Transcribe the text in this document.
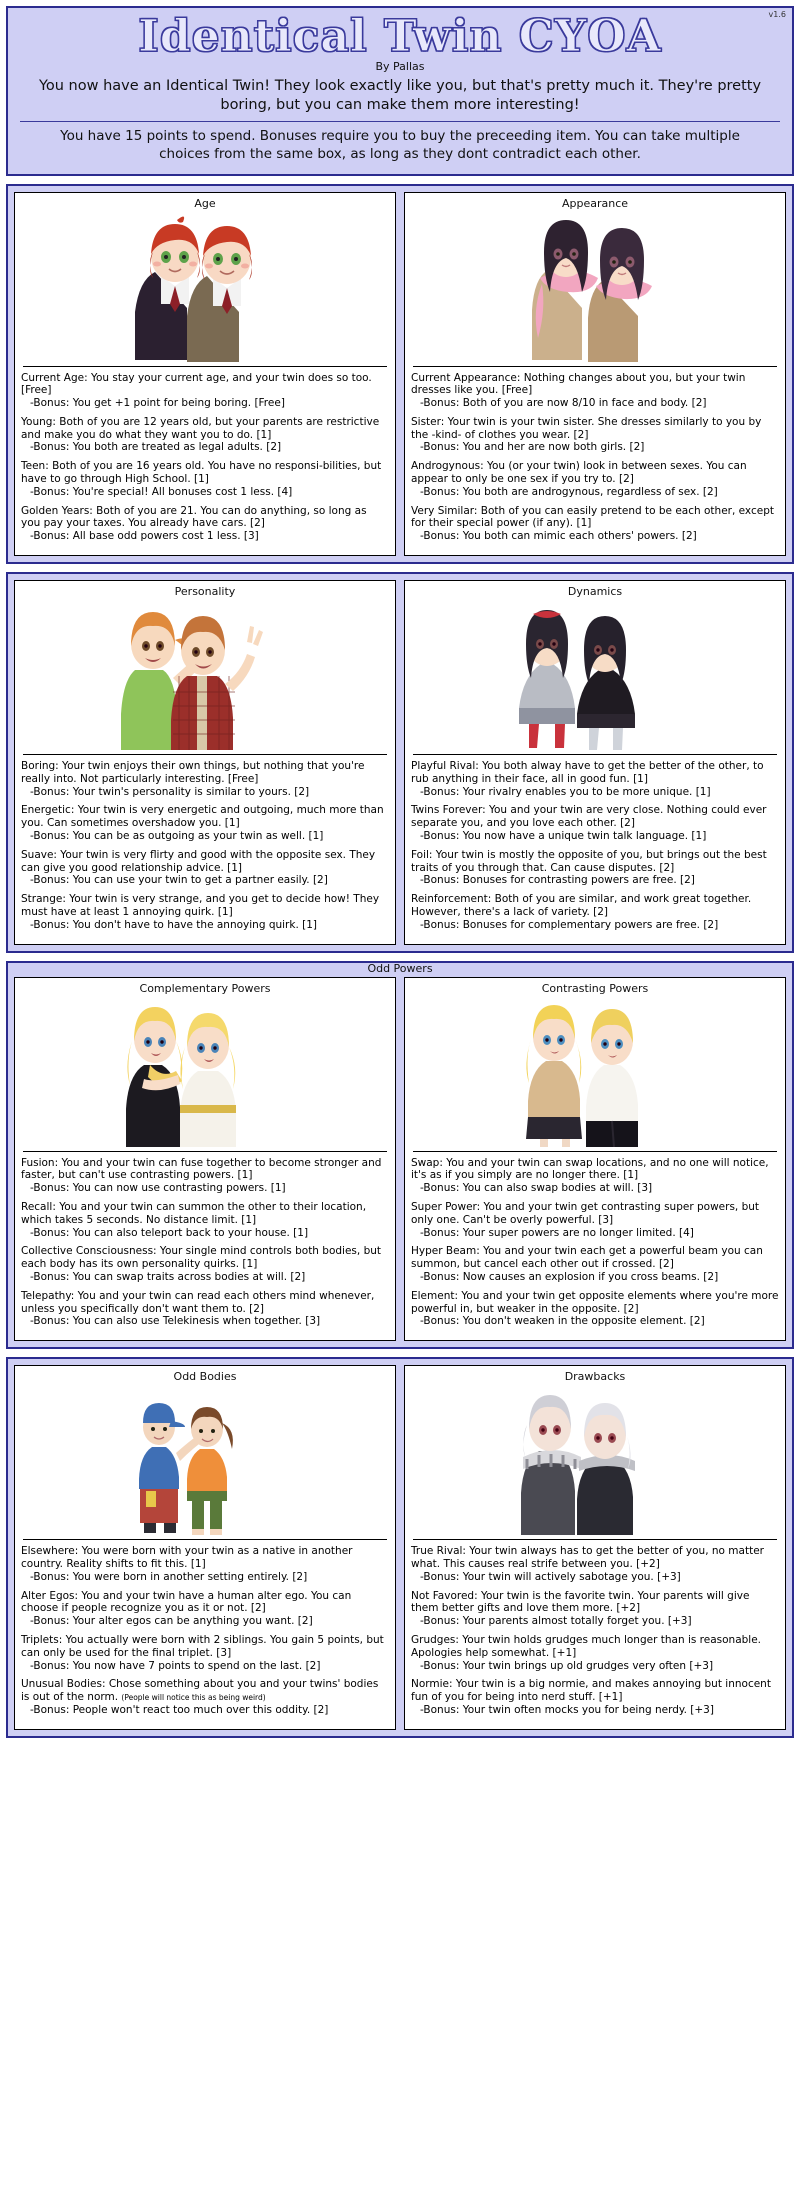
v1.6
Identical Twin CYOA
By Pallas
You now have an Identical Twin! They look exactly like you, but that's pretty much it. They're pretty boring, but you can make them more interesting!
You have 15 points to spend. Bonuses require you to buy the preceeding item. You can take multiple choices from the same box, as long as they dont contradict each other.
Age
Current Age: You stay your current age, and your twin does so too. [Free]
-Bonus: You get +1 point for being boring. [Free]
Young: Both of you are 12 years old, but your parents are restrictive and make you do what they want you to do. [1]
-Bonus: You both are treated as legal adults. [2]
Teen: Both of you are 16 years old. You have no responsi-bilities, but have to go through High School. [1]
-Bonus: You're special! All bonuses cost 1 less. [4]
Golden Years: Both of you are 21. You can do anything, so long as you pay your taxes. You already have cars. [2]
-Bonus: All base odd powers cost 1 less. [3]
Appearance
Current Appearance: Nothing changes about you, but your twin dresses like you. [Free]
-Bonus: Both of you are now 8/10 in face and body. [2]
Sister: Your twin is your twin sister. She dresses similarly to you by the -kind- of clothes you wear. [2]
-Bonus: You and her are now both girls. [2]
Androgynous: You (or your twin) look in between sexes. You can appear to only be one sex if you try to. [2]
-Bonus: You both are androgynous, regardless of sex. [2]
Very Similar: Both of you can easily pretend to be each other, except for their special power (if any). [1]
-Bonus: You both can mimic each others' powers. [2]
Personality
Boring: Your twin enjoys their own things, but nothing that you're really into. Not particularly interesting. [Free]
-Bonus: Your twin's personality is similar to yours. [2]
Energetic: Your twin is very energetic and outgoing, much more than you. Can sometimes overshadow you. [1]
-Bonus: You can be as outgoing as your twin as well. [1]
Suave: Your twin is very flirty and good with the opposite sex. They can give you good relationship advice. [1]
-Bonus: You can use your twin to get a partner easily. [2]
Strange: Your twin is very strange, and you get to decide how! They must have at least 1 annoying quirk. [1]
-Bonus: You don't have to have the annoying quirk. [1]
Dynamics
Playful Rival: You both alway have to get the better of the other, to rub anything in their face, all in good fun. [1]
-Bonus: Your rivalry enables you to be more unique. [1]
Twins Forever: You and your twin are very close. Nothing could ever separate you, and you love each other. [2]
-Bonus: You now have a unique twin talk language. [1]
Foil: Your twin is mostly the opposite of you, but brings out the best traits of you through that. Can cause disputes. [2]
-Bonus: Bonuses for contrasting powers are free. [2]
Reinforcement: Both of you are similar, and work great together. However, there's a lack of variety. [2]
-Bonus: Bonuses for complementary powers are free. [2]
Odd Powers
Complementary Powers
Fusion: You and your twin can fuse together to become stronger and faster, but can't use contrasting powers. [1]
-Bonus: You can now use contrasting powers. [1]
Recall: You and your twin can summon the other to their location, which takes 5 seconds. No distance limit. [1]
-Bonus: You can also teleport back to your house. [1]
Collective Consciousness: Your single mind controls both bodies, but each body has its own personality quirks. [1]
-Bonus: You can swap traits across bodies at will. [2]
Telepathy: You and your twin can read each others mind whenever, unless you specifically don't want them to. [2]
-Bonus: You can also use Telekinesis when together. [3]
Contrasting Powers
Swap: You and your twin can swap locations, and no one will notice, it's as if you simply are no longer there. [1]
-Bonus: You can also swap bodies at will. [3]
Super Power: You and your twin get contrasting super powers, but only one. Can't be overly powerful. [3]
-Bonus: Your super powers are no longer limited. [4]
Hyper Beam: You and your twin each get a powerful beam you can summon, but cancel each other out if crossed. [2]
-Bonus: Now causes an explosion if you cross beams. [2]
Element: You and your twin get opposite elements where you're more powerful in, but weaker in the opposite. [2]
-Bonus: You don't weaken in the opposite element. [2]
Odd Bodies
Elsewhere: You were born with your twin as a native in another country. Reality shifts to fit this. [1]
-Bonus: You were born in another setting entirely. [2]
Alter Egos: You and your twin have a human alter ego. You can choose if people recognize you as it or not. [2]
-Bonus: Your alter egos can be anything you want. [2]
Triplets: You actually were born with 2 siblings. You gain 5 points, but can only be used for the final triplet. [3]
-Bonus: You now have 7 points to spend on the last. [2]
Unusual Bodies: Chose something about you and your twins' bodies is out of the norm. (People will notice this as being weird)
-Bonus: People won't react too much over this oddity. [2]
Drawbacks
True Rival: Your twin always has to get the better of you, no matter what. This causes real strife between you. [+2]
-Bonus: Your twin will actively sabotage you. [+3]
Not Favored: Your twin is the favorite twin. Your parents will give them better gifts and love them more. [+2]
-Bonus: Your parents almost totally forget you. [+3]
Grudges: Your twin holds grudges much longer than is reasonable. Apologies help somewhat. [+1]
-Bonus: Your twin brings up old grudges very often [+3]
Normie: Your twin is a big normie, and makes annoying but innocent fun of you for being into nerd stuff. [+1]
-Bonus: Your twin often mocks you for being nerdy. [+3]
